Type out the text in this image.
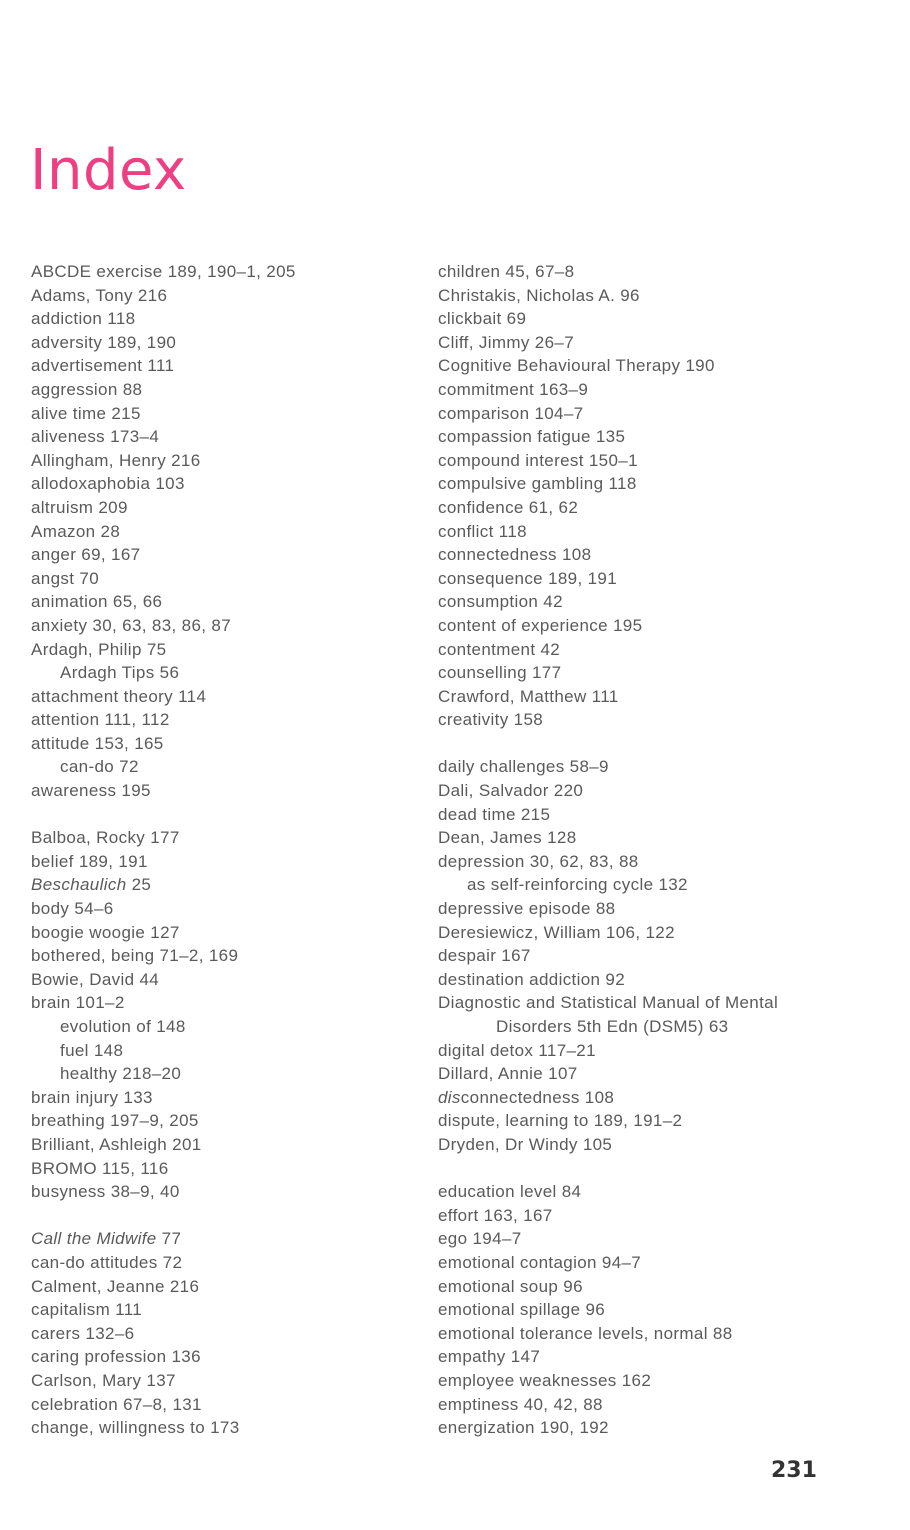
Index
ABCDE exercise 189, 190–1, 205
Adams, Tony 216
addiction 118
adversity 189, 190
advertisement 111
aggression 88
alive time 215
aliveness 173–4
Allingham, Henry 216
allodoxaphobia 103
altruism 209
Amazon 28
anger 69, 167
angst 70
animation 65, 66
anxiety 30, 63, 83, 86, 87
Ardagh, Philip 75
Ardagh Tips 56
attachment theory 114
attention 111, 112
attitude 153, 165
can-do 72
awareness 195
Balboa, Rocky 177
belief 189, 191
Beschaulich 25
body 54–6
boogie woogie 127
bothered, being 71–2, 169
Bowie, David 44
brain 101–2
evolution of 148
fuel 148
healthy 218–20
brain injury 133
breathing 197–9, 205
Brilliant, Ashleigh 201
BROMO 115, 116
busyness 38–9, 40
Call the Midwife 77
can-do attitudes 72
Calment, Jeanne 216
capitalism 111
carers 132–6
caring profession 136
Carlson, Mary 137
celebration 67–8, 131
change, willingness to 173
children 45, 67–8
Christakis, Nicholas A. 96
clickbait 69
Cliff, Jimmy 26–7
Cognitive Behavioural Therapy 190
commitment 163–9
comparison 104–7
compassion fatigue 135
compound interest 150–1
compulsive gambling 118
confidence 61, 62
conflict 118
connectedness 108
consequence 189, 191
consumption 42
content of experience 195
contentment 42
counselling 177
Crawford, Matthew 111
creativity 158
daily challenges 58–9
Dali, Salvador 220
dead time 215
Dean, James 128
depression 30, 62, 83, 88
as self-reinforcing cycle 132
depressive episode 88
Deresiewicz, William 106, 122
despair 167
destination addiction 92
Diagnostic and Statistical Manual of Mental
Disorders 5th Edn (DSM5) 63
digital detox 117–21
Dillard, Annie 107
disconnectedness 108
dispute, learning to 189, 191–2
Dryden, Dr Windy 105
education level 84
effort 163, 167
ego 194–7
emotional contagion 94–7
emotional soup 96
emotional spillage 96
emotional tolerance levels, normal 88
empathy 147
employee weaknesses 162
emptiness 40, 42, 88
energization 190, 192
231
